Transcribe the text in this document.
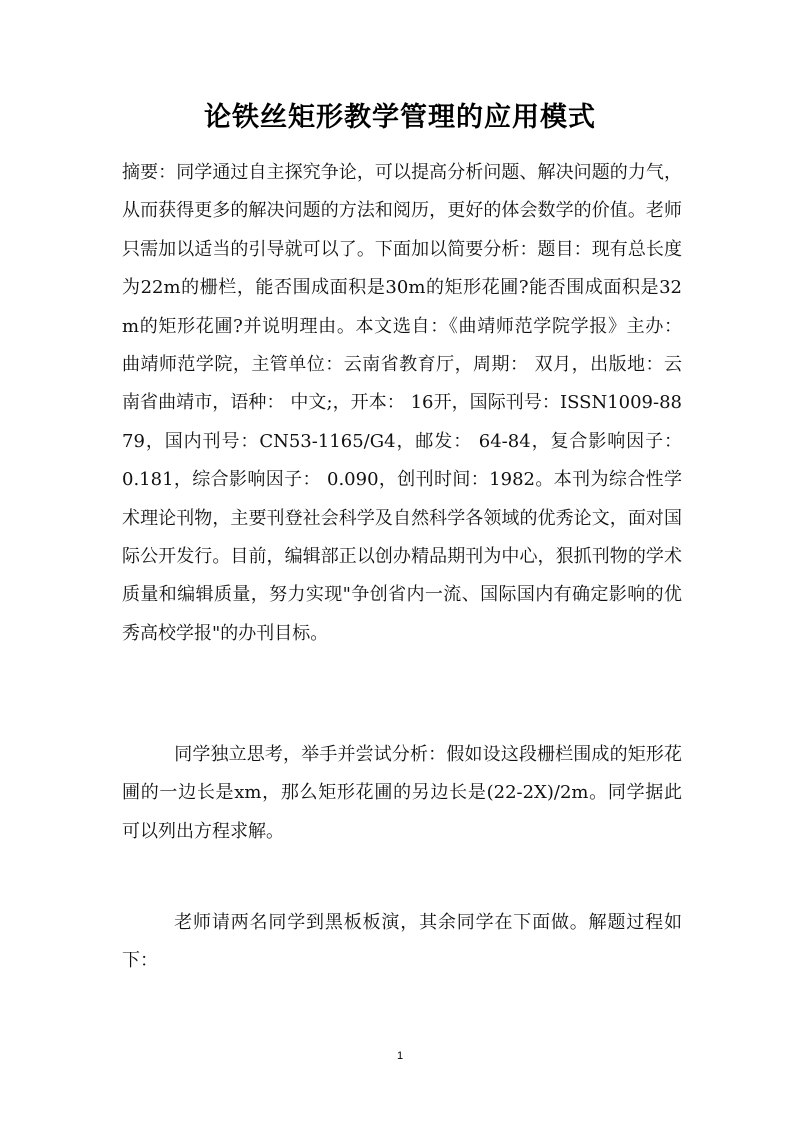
论铁丝矩形教学管理的应用模式
摘要：同学通过自主探究争论，可以提高分析问题、解决问题的力气，从而获得更多的解决问题的方法和阅历，更好的体会数学的价值。老师只需加以适当的引导就可以了。下面加以简要分析：题目：现有总长度为22m的栅栏，能否围成面积是30m的矩形花圃?能否围成面积是32m的矩形花圃?并说明理由。本文选自：《曲靖师范学院学报》主办： 曲靖师范学院，主管单位：云南省教育厅，周期： 双月，出版地：云南省曲靖市，语种： 中文;，开本： 16开，国际刊号：ISSN1009-8879，国内刊号：CN53-1165/G4，邮发： 64-84，复合影响因子： 0.181，综合影响因子： 0.090，创刊时间：1982。本刊为综合性学术理论刊物，主要刊登社会科学及自然科学各领域的优秀论文，面对国际公开发行。目前，编辑部正以创办精品期刊为中心，狠抓刊物的学术质量和编辑质量，努力实现"争创省内一流、国际国内有确定影响的优秀高校学报"的办刊目标。
同学独立思考，举手并尝试分析：假如设这段栅栏围成的矩形花圃的一边长是xm，那么矩形花圃的另边长是(22-2X)/2m。同学据此可以列出方程求解。
老师请两名同学到黑板板演，其余同学在下面做。解题过程如下：
1
